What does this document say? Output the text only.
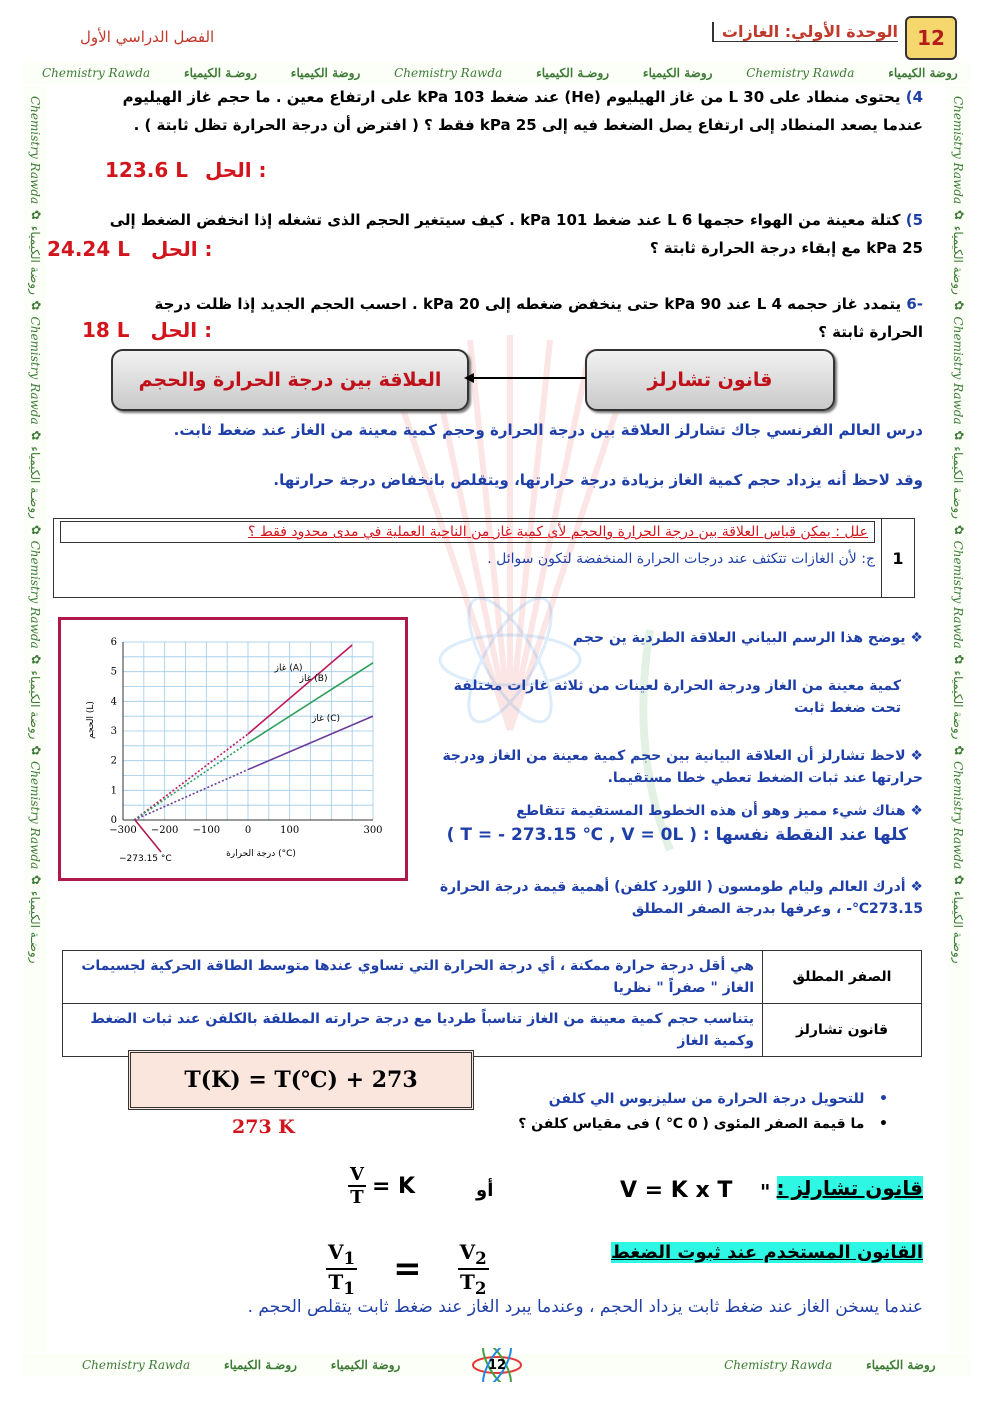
Chemistry Rawda	روضة الكيمياء روضـة الكيمياء	Chemistry Rawda	روضة الكيمياء روضـة الكيمياء	Chemistry Rawda	روضة الكيمياء
Chemistry Rawda	روضة الكيمياء روضـة الكيمياء	Chemistry Rawda	روضة الكيمياء
Chemistry Rawda ✿ روضة الكيمياء ✿ Chemistry Rawda ✿ روضـة الكيمياء ✿ Chemistry Rawda ✿ روضة الكيمياء ✿ Chemistry Rawda ✿ روضـة الكيمياء
Chemistry Rawda ✿ روضة الكيمياء ✿ Chemistry Rawda ✿ روضـة الكيمياء ✿ Chemistry Rawda ✿ روضة الكيمياء ✿ Chemistry Rawda ✿ روضـة الكيمياء
12
الوحدة الأولي: الغازات
الفصل الدراسي الأول
4) يحتوى منطاد على 30 L من غاز الهيليوم (He) عند ضغط 103 kPa على ارتفاع معين . ما حجم غاز الهيليوم
عندما يصعد المنطاد إلى ارتفاع يصل الضغط فيه إلى 25 kPa فقط ؟ ( افترض أن درجة الحرارة تظل ثابتة ) .
123.6 L الحل :
5) كتلة معينة من الهواء حجمها 6 L عند ضغط 101 kPa . كيف سيتغير الحجم الذى تشغله إذا انخفض الضغط إلى
25 kPa مع إبقاء درجة الحرارة ثابتة ؟
24.24 L الحل :
-6 يتمدد غاز حجمه 4 L عند 90 kPa حتى ينخفض ضغطه إلى 20 kPa . احسب الحجم الجديد إذا ظلت درجة
الحرارة ثابتة ؟
18 L الحل :
قانون تشارلز
العلاقة بين درجة الحرارة والحجم
درس العالم الفرنسي جاك تشارلز العلاقة بين درجة الحرارة وحجم كمية معينة من الغاز عند ضغط ثابت.
وقد لاحظ أنه يزداد حجم كمية الغاز بزيادة درجة حرارتها، ويتقلص بانخفاض درجة حرارتها.
1	
علل : يمكن قياس العلاقة بين درجة الحرارة والحجم لأى كمية غاز من الناحية العملية في مدى محدود فقط ؟
ج: لأن الغازات تتكثف عند درجات الحرارة المنخفضة لتكون سوائل .
−300 −200 −100 0	100	300
0
1
2
3
4
5
6
غاز (A)
غاز (B)
غاز (C)
الحجم (L)
درجة الحرارة (°C)
−273.15 °C
❖ يوضح هذا الرسم البياني العلاقة الطردية ين حجم
كمية معينة من الغاز ودرجة الحرارة لعينات من ثلاثة غازات مختلفة تحت ضغط ثابت
❖ لاحظ تشارلز أن العلاقة البيانية بين حجم كمية معينة من الغاز ودرجة حرارتها عند ثبات الضغط تعطي خطا مستقيما.
❖ هناك شيء مميز وهو أن هذه الخطوط المستقيمة تتقاطع
كلها عند النقطة نفسها : ( T = - 273.15 ℃ , V = 0L )
❖ أدرك العالم وليام طومسون ( اللورد كلفن) أهمية قيمة درجة الحرارة 273.15℃- ، وعرفها بدرجة الصفر المطلق
الصفر المطلق	هي أقل درجة حرارة ممكنة ، أي درجة الحرارة التي تساوي عندها متوسط الطاقة الحركية لجسيمات الغاز " صفراً " نظريا
قانون تشارلز	يتناسب حجم كمية معينة من الغاز تناسباً طرديا مع درجة حرارته المطلقة بالكلفن عند ثبات الضغط وكمية الغاز
T(K) = T(℃) + 273
•   للتحويل درجة الحرارة من سليزيوس الي كلفن
•   ما قيمة الصفر المئوى ( 0 ℃ ) فى مقياس كلفن ؟
273 K
قانون تشارلز :
"
V = K x T
أو
$\frac{V}{T} = K$
القانون المستخدم عند ثبوت الضغط
$\frac{V_1}{T_1} = \frac{V_2}{T_2}$
عندما يسخن الغاز عند ضغط ثابت يزداد الحجم ، وعندما يبرد الغاز عند ضغط ثابت يتقلص الحجم .
12
